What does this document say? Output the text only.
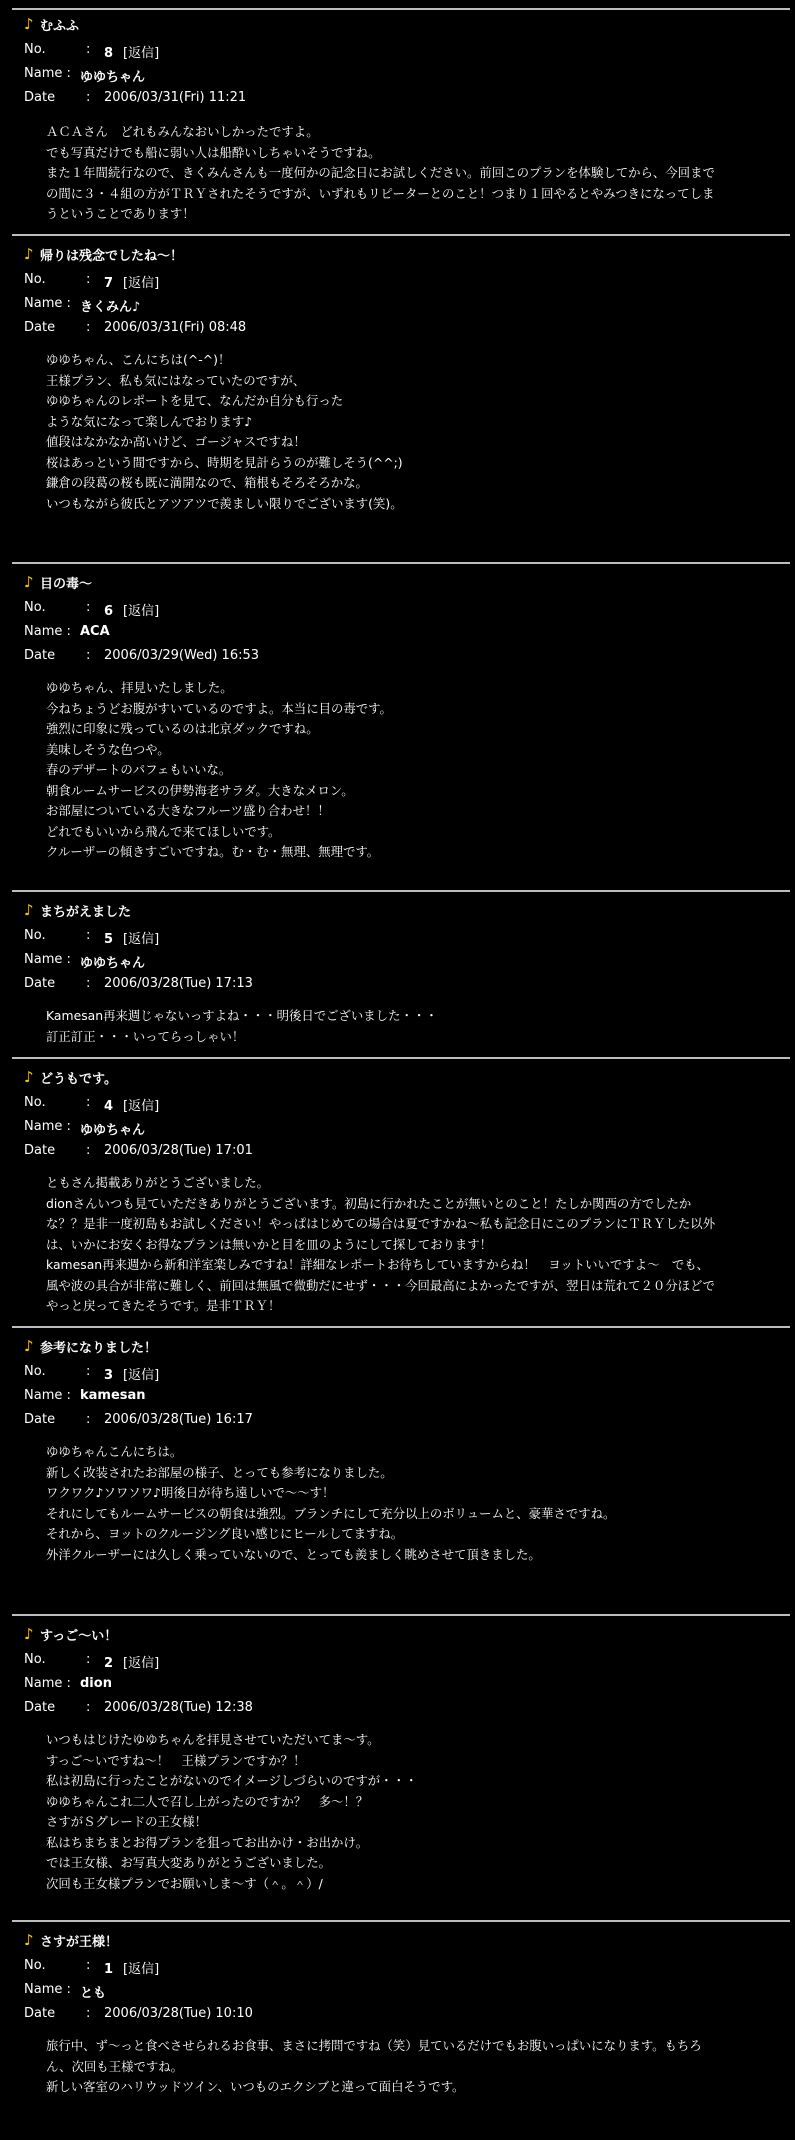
♪ むふふ
No.	: 8 [返信]
Name : ゆゆちゃん
Date : 2006/03/31(Fri) 11:21

ＡＣＡさん　どれもみんなおいしかったですよ。

でも写真だけでも船に弱い人は船酔いしちゃいそうですね。

また１年間続行なので、きくみんさんも一度何かの記念日にお試しください。前回このプランを体験してから、今回まで

の間に３・４組の方がＴＲＹされたそうですが、いずれもリピーターとのこと！つまり１回やるとやみつきになってしま

うということであります！

♪ 帰りは残念でしたね～！
No.	: 7 [返信]
Name : きくみん♪
Date : 2006/03/31(Fri) 08:48

ゆゆちゃん、こんにちは(^-^)！

王様プラン、私も気にはなっていたのですが、

ゆゆちゃんのレポートを見て、なんだか自分も行った

ような気になって楽しんでおります♪

値段はなかなか高いけど、ゴージャスですね！

桜はあっという間ですから、時期を見計らうのが難しそう(^^;)

鎌倉の段葛の桜も既に満開なので、箱根もそろそろかな。

いつもながら彼氏とアツアツで羨ましい限りでございます(笑)。

♪ 目の毒～
No.	: 6 [返信]
Name : ACA
Date : 2006/03/29(Wed) 16:53

ゆゆちゃん、拝見いたしました。

今ねちょうどお腹がすいているのですよ。本当に目の毒です。

強烈に印象に残っているのは北京ダックですね。

美味しそうな色つや。

春のデザートのパフェもいいな。

朝食ルームサービスの伊勢海老サラダ。大きなメロン。

お部屋についている大きなフルーツ盛り合わせ！！

どれでもいいから飛んで来てほしいです。

クルーザーの傾きすごいですね。む・む・無理、無理です。

♪ まちがえました
No.	: 5 [返信]
Name : ゆゆちゃん
Date : 2006/03/28(Tue) 17:13

Kamesan再来週じゃないっすよね・・・明後日でございました・・・

訂正訂正・・・いってらっしゃい！

♪ どうもです。
No.	: 4 [返信]
Name : ゆゆちゃん
Date : 2006/03/28(Tue) 17:01

ともさん掲載ありがとうございました。

dionさんいつも見ていただきありがとうございます。初島に行かれたことが無いとのこと！たしか関西の方でしたか

な？？是非一度初島もお試しください！やっぱはじめての場合は夏ですかね～私も記念日にこのプランにＴＲＹした以外

は、いかにお安くお得なプランは無いかと目を皿のようにして探しております！

kamesan再来週から新和洋室楽しみですね！詳細なレポートお待ちしていますからね！　ヨットいいですよ～　でも、

風や波の具合が非常に難しく、前回は無風で微動だにせず・・・今回最高によかったですが、翌日は荒れて２０分ほどで

やっと戻ってきたそうです。是非ＴＲＹ！

♪ 参考になりました！
No.	: 3 [返信]
Name : kamesan
Date : 2006/03/28(Tue) 16:17

ゆゆちゃんこんにちは。

新しく改装されたお部屋の様子、とっても参考になりました。

ワクワク♪ソワソワ♪明後日が待ち遠しいで～～す！

それにしてもルームサービスの朝食は強烈。ブランチにして充分以上のボリュームと、豪華さですね。

それから、ヨットのクルージング良い感じにヒールしてますね。

外洋クルーザーには久しく乗っていないので、とっても羨ましく眺めさせて頂きました。

♪ すっご～い！
No.	: 2 [返信]
Name : dion
Date : 2006/03/28(Tue) 12:38

いつもはじけたゆゆちゃんを拝見させていただいてま～す。

すっご～いですね～！　王様プランですか？！

私は初島に行ったことがないのでイメージしづらいのですが・・・

ゆゆちゃんこれ二人で召し上がったのですか？　多～！？

さすがＳグレードの王女様！

私はちまちまとお得プランを狙ってお出かけ・お出かけ。

では王女様、お写真大変ありがとうございました。

次回も王女様プランでお願いしま～す（＾。＾）/

♪ さすが王様！
No.	: 1 [返信]
Name : とも
Date : 2006/03/28(Tue) 10:10

旅行中、ず～っと食べさせられるお食事、まさに拷問ですね（笑）見ているだけでもお腹いっぱいになります。もちろ

ん、次回も王様ですね。

新しい客室のハリウッドツイン、いつものエクシブと違って面白そうです。
